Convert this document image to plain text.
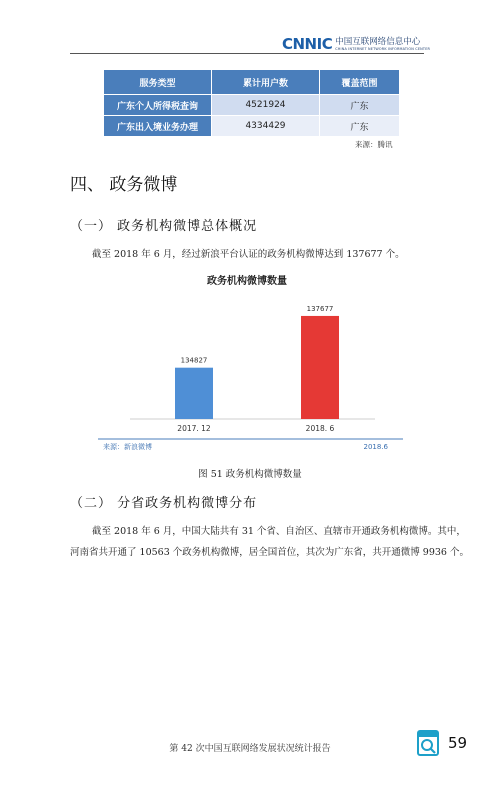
CNNIC 中国互联网络信息中心
CHINA INTERNET NETWORK INFORMATION CENTER
服务类型	累计用户数	覆盖范围
广东个人所得税查询	4521924	广东
广东出入境业务办理	4334429	广东
来源：腾讯
四、 政务微博
（一） 政务机构微博总体概况
截至 2018 年 6 月，经过新浪平台认证的政务机构微博达到 137677 个。
政务机构微博数量
134827
2017. 12
137677
2018. 6
来源：新浪微博	2018.6
图 51 政务机构微博数量
（二） 分省政务机构微博分布
截至 2018 年 6 月，中国大陆共有 31 个省、自治区、直辖市开通政务机构微博。其中，
河南省共开通了 10563 个政务机构微博，居全国首位，其次为广东省，共开通微博 9936 个。
第 42 次中国互联网络发展状况统计报告	59
